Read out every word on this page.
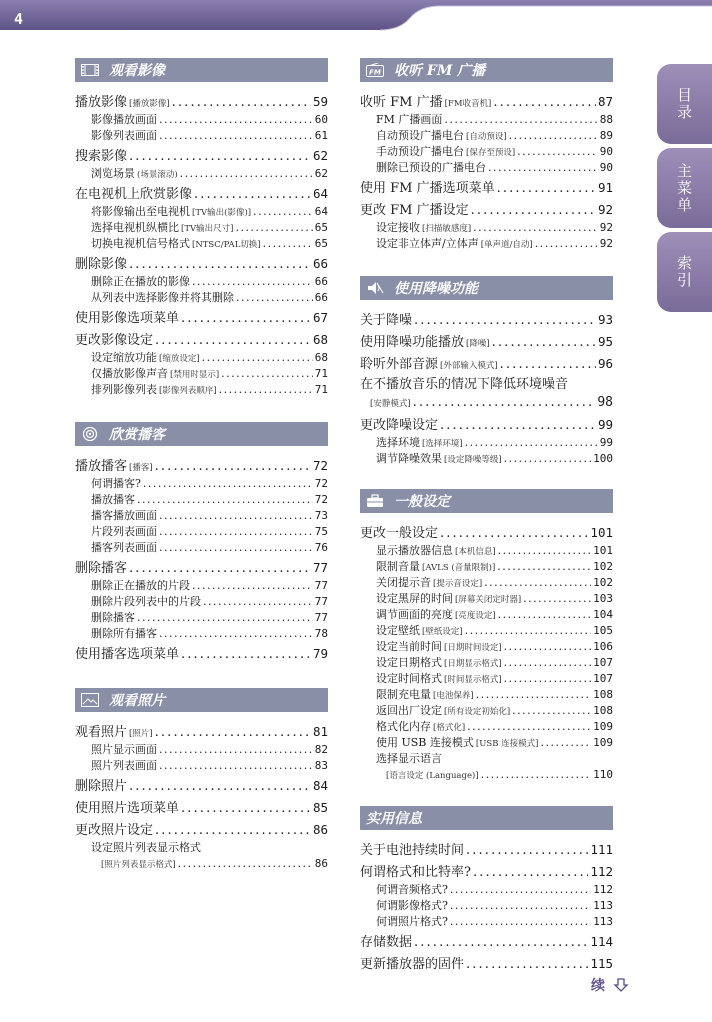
4
观看影像
播放影像 [播放影像] . . .	59
影像播放画面 . . .	60
影像列表画面 . . .	61
搜索影像 . . .	62
浏览场景 (场景滚动) . . .	62
在电视机上欣赏影像 . . .	64
将影像输出至电视机 [TV输出(影像)] . . .	64
选择电视机纵横比 [TV输出尺寸] . . .	65
切换电视机信号格式 [NTSC/PAL切换] . . .	65
删除影像 . . .	66
删除正在播放的影像 . . .	66
从列表中选择影像并将其删除 . . .	66
使用影像选项菜单 . . .	67
更改影像设定 . . .	68
设定缩放功能 [缩放设定] . . .	68
仅播放影像声音 [禁用时显示] . . .	71
排列影像列表 [影像列表顺序] . . .	71
欣赏播客
播放播客 [播客] . . .	72
何谓播客? . . .	72
播放播客 . . .	72
播客播放画面 . . .	73
片段列表画面 . . .	75
播客列表画面 . . .	76
删除播客 . . .	77
删除正在播放的片段 . . .	77
删除片段列表中的片段 . . .	77
删除播客 . . .	77
删除所有播客 . . .	78
使用播客选项菜单 . . .	79
观看照片
观看照片 [照片] . . .	81
照片显示画面 . . .	82
照片列表画面 . . .	83
删除照片 . . .	84
使用照片选项菜单 . . .	85
更改照片设定 . . .	86
设定照片列表显示格式
[照片列表显示格式] . . .	86
FM 收听 FM 广播
收听 FM 广播 [FM收音机] . . .	87
FM 广播画面 . . .	88
自动预设广播电台 [自动预设] . . .	89
手动预设广播电台 [保存至预设] . . .	90
删除已预设的广播电台 . . .	90
使用 FM 广播选项菜单 . . .	91
更改 FM 广播设定 . . .	92
设定接收 [扫描敏感度] . . .	92
设定非立体声/立体声 [单声道/自动] . . .	92
使用降噪功能
关于降噪 . . .	93
使用降噪功能播放 [降噪] . . .	95
聆听外部音源 [外部输入模式] . . .	96
在不播放音乐的情况下降低环境噪音
[安静模式] . . .	98
更改降噪设定 . . .	99
选择环境 [选择环境] . . .	99
调节降噪效果 [设定降噪等级] . . .	100
一般设定
更改一般设定 . . .	101
显示播放器信息 [本机信息] . . .	101
限制音量 [AVLS (音量限制)] . . .	102
关闭提示音 [提示音设定] . . .	102
设定黑屏的时间 [屏幕关闭定时器] . . .	103
调节画面的亮度 [亮度设定] . . .	104
设定壁纸 [壁纸设定] . . .	105
设定当前时间 [日期时间设定] . . .	106
设定日期格式 [日期显示格式] . . .	107
设定时间格式 [时间显示格式] . . .	107
限制充电量 [电池保养] . . .	108
返回出厂设定 [所有设定初始化] . . .	108
格式化内存 [格式化] . . .	109
使用 USB 连接模式 [USB 连接模式] . . .	109
选择显示语言
[语言设定 (Language)] . . .	110
实用信息
关于电池持续时间 . . .	111
何谓格式和比特率? . . .	112
何谓音频格式? . . .	112
何谓影像格式? . . .	113
何谓照片格式? . . .	113
存储数据 . . .	114
更新播放器的固件 . . .	115
目录
主菜单
索引
续
